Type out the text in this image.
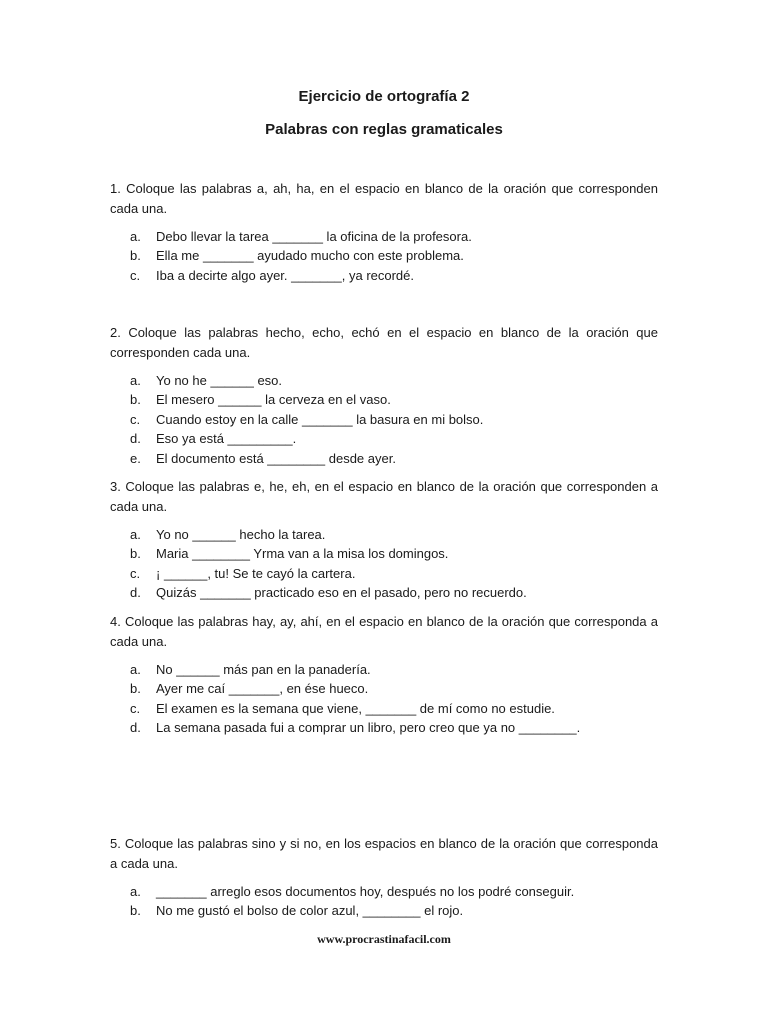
Ejercicio de ortografía 2
Palabras con reglas gramaticales

1. Coloque las palabras a, ah, ha, en el espacio en blanco de la oración que corresponden cada una.

a. Debo llevar la tarea _______ la oficina de la profesora.
b. Ella me _______ ayudado mucho con este problema.
c. Iba a decirte algo ayer. _______, ya recordé.

2. Coloque las palabras hecho, echo, echó en el espacio en blanco de la oración que corresponden cada una.

a. Yo no he ______ eso.
b. El mesero ______ la cerveza en el vaso.
c. Cuando estoy en la calle _______ la basura en mi bolso.
d. Eso ya está _________.
e. El documento está ________ desde ayer.

3. Coloque las palabras e, he, eh, en el espacio en blanco de la oración que corresponden a cada una.

a. Yo no ______ hecho la tarea.
b. Maria ________ Yrma van a la misa los domingos.
c. ¡ ______, tu! Se te cayó la cartera.
d. Quizás _______ practicado eso en el pasado, pero no recuerdo.

4. Coloque las palabras hay, ay, ahí, en el espacio en blanco de la oración que corresponda a cada una.

a. No ______ más pan en la panadería.
b. Ayer me caí _______, en ése hueco.
c. El examen es la semana que viene, _______ de mí como no estudie.
d. La semana pasada fui a comprar un libro, pero creo que ya no ________.

5. Coloque las palabras sino y si no, en los espacios en blanco de la oración que corresponda a cada una.

a. _______ arreglo esos documentos hoy, después no los podré conseguir.
b. No me gustó el bolso de color azul, ________ el rojo.

www.procrastinafacil.com
